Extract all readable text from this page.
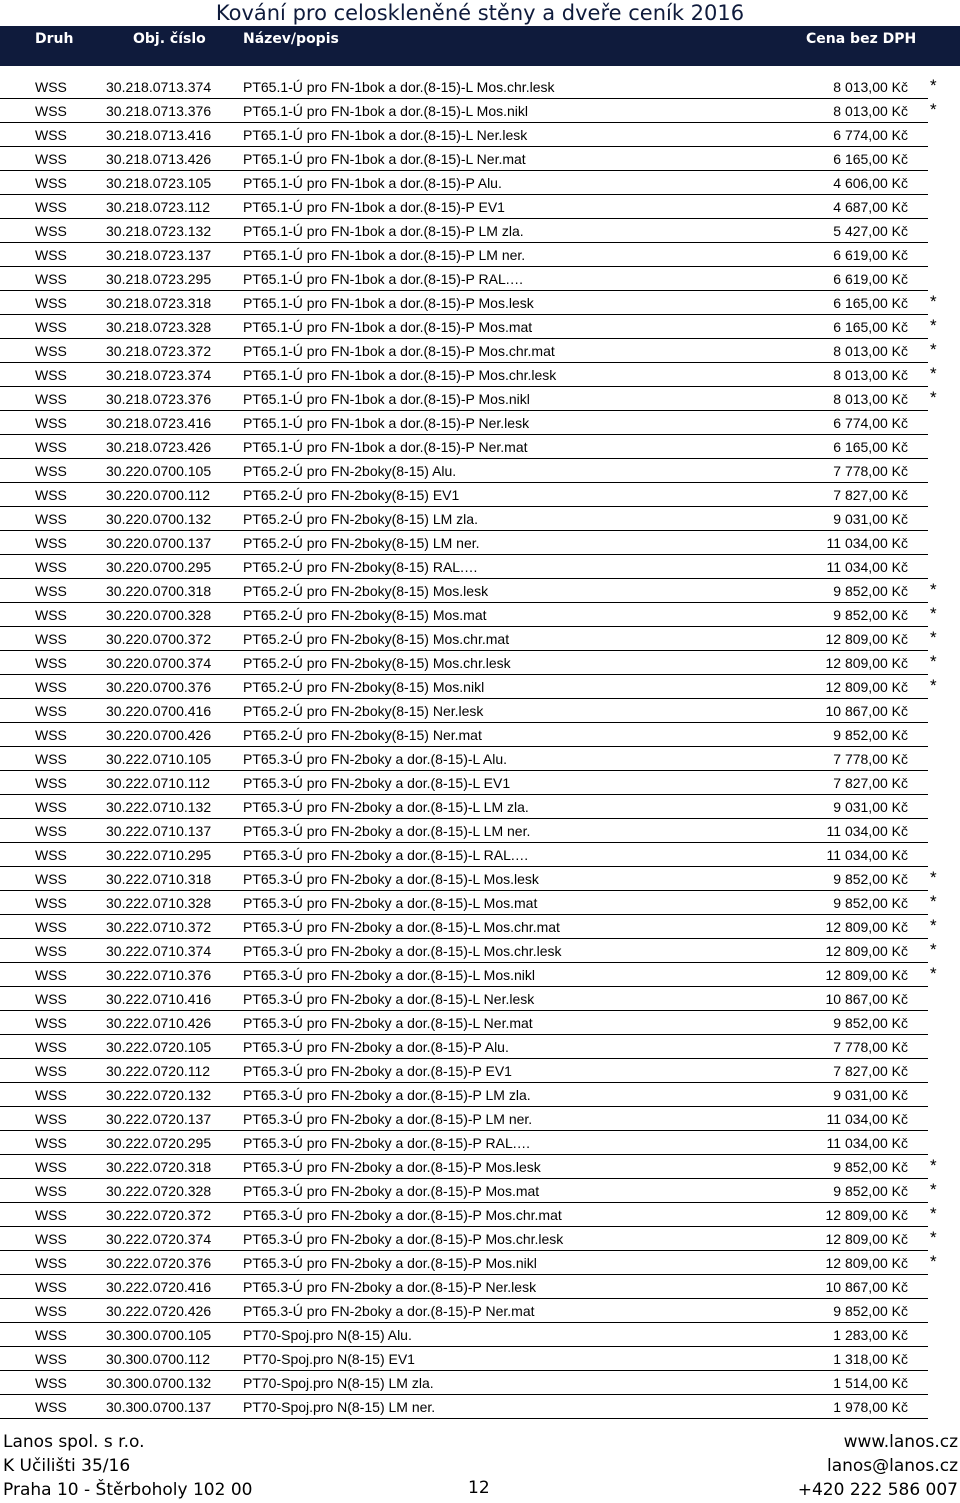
Kování pro celoskleněné stěny a dveře ceník 2016
Druh	Obj. číslo	Název/popis	Cena bez DPH
WSS	30.218.0713.374 PT65.1-Ú pro FN-1bok a dor.(8-15)-L Mos.chr.lesk	8 013,00 Kč *
WSS	30.218.0713.376 PT65.1-Ú pro FN-1bok a dor.(8-15)-L Mos.nikl	8 013,00 Kč *
WSS	30.218.0713.416 PT65.1-Ú pro FN-1bok a dor.(8-15)-L Ner.lesk	6 774,00 Kč
WSS	30.218.0713.426 PT65.1-Ú pro FN-1bok a dor.(8-15)-L Ner.mat	6 165,00 Kč
WSS	30.218.0723.105 PT65.1-Ú pro FN-1bok a dor.(8-15)-P Alu.	4 606,00 Kč
WSS	30.218.0723.112 PT65.1-Ú pro FN-1bok a dor.(8-15)-P EV1	4 687,00 Kč
WSS	30.218.0723.132 PT65.1-Ú pro FN-1bok a dor.(8-15)-P LM zla.	5 427,00 Kč
WSS	30.218.0723.137 PT65.1-Ú pro FN-1bok a dor.(8-15)-P LM ner.	6 619,00 Kč
WSS	30.218.0723.295 PT65.1-Ú pro FN-1bok a dor.(8-15)-P RAL.…	6 619,00 Kč
WSS	30.218.0723.318 PT65.1-Ú pro FN-1bok a dor.(8-15)-P Mos.lesk	6 165,00 Kč *
WSS	30.218.0723.328 PT65.1-Ú pro FN-1bok a dor.(8-15)-P Mos.mat	6 165,00 Kč *
WSS	30.218.0723.372 PT65.1-Ú pro FN-1bok a dor.(8-15)-P Mos.chr.mat	8 013,00 Kč *
WSS	30.218.0723.374 PT65.1-Ú pro FN-1bok a dor.(8-15)-P Mos.chr.lesk	8 013,00 Kč *
WSS	30.218.0723.376 PT65.1-Ú pro FN-1bok a dor.(8-15)-P Mos.nikl	8 013,00 Kč *
WSS	30.218.0723.416 PT65.1-Ú pro FN-1bok a dor.(8-15)-P Ner.lesk	6 774,00 Kč
WSS	30.218.0723.426 PT65.1-Ú pro FN-1bok a dor.(8-15)-P Ner.mat	6 165,00 Kč
WSS	30.220.0700.105 PT65.2-Ú pro FN-2boky(8-15) Alu.	7 778,00 Kč
WSS	30.220.0700.112 PT65.2-Ú pro FN-2boky(8-15) EV1	7 827,00 Kč
WSS	30.220.0700.132 PT65.2-Ú pro FN-2boky(8-15) LM zla.	9 031,00 Kč
WSS	30.220.0700.137 PT65.2-Ú pro FN-2boky(8-15) LM ner.	11 034,00 Kč
WSS	30.220.0700.295 PT65.2-Ú pro FN-2boky(8-15) RAL.…	11 034,00 Kč
WSS	30.220.0700.318 PT65.2-Ú pro FN-2boky(8-15) Mos.lesk	9 852,00 Kč *
WSS	30.220.0700.328 PT65.2-Ú pro FN-2boky(8-15) Mos.mat	9 852,00 Kč *
WSS	30.220.0700.372 PT65.2-Ú pro FN-2boky(8-15) Mos.chr.mat	12 809,00 Kč *
WSS	30.220.0700.374 PT65.2-Ú pro FN-2boky(8-15) Mos.chr.lesk	12 809,00 Kč *
WSS	30.220.0700.376 PT65.2-Ú pro FN-2boky(8-15) Mos.nikl	12 809,00 Kč *
WSS	30.220.0700.416 PT65.2-Ú pro FN-2boky(8-15) Ner.lesk	10 867,00 Kč
WSS	30.220.0700.426 PT65.2-Ú pro FN-2boky(8-15) Ner.mat	9 852,00 Kč
WSS	30.222.0710.105 PT65.3-Ú pro FN-2boky a dor.(8-15)-L Alu.	7 778,00 Kč
WSS	30.222.0710.112 PT65.3-Ú pro FN-2boky a dor.(8-15)-L EV1	7 827,00 Kč
WSS	30.222.0710.132 PT65.3-Ú pro FN-2boky a dor.(8-15)-L LM zla.	9 031,00 Kč
WSS	30.222.0710.137 PT65.3-Ú pro FN-2boky a dor.(8-15)-L LM ner.	11 034,00 Kč
WSS	30.222.0710.295 PT65.3-Ú pro FN-2boky a dor.(8-15)-L RAL.…	11 034,00 Kč
WSS	30.222.0710.318 PT65.3-Ú pro FN-2boky a dor.(8-15)-L Mos.lesk	9 852,00 Kč *
WSS	30.222.0710.328 PT65.3-Ú pro FN-2boky a dor.(8-15)-L Mos.mat	9 852,00 Kč *
WSS	30.222.0710.372 PT65.3-Ú pro FN-2boky a dor.(8-15)-L Mos.chr.mat	12 809,00 Kč *
WSS	30.222.0710.374 PT65.3-Ú pro FN-2boky a dor.(8-15)-L Mos.chr.lesk	12 809,00 Kč *
WSS	30.222.0710.376 PT65.3-Ú pro FN-2boky a dor.(8-15)-L Mos.nikl	12 809,00 Kč *
WSS	30.222.0710.416 PT65.3-Ú pro FN-2boky a dor.(8-15)-L Ner.lesk	10 867,00 Kč
WSS	30.222.0710.426 PT65.3-Ú pro FN-2boky a dor.(8-15)-L Ner.mat	9 852,00 Kč
WSS	30.222.0720.105 PT65.3-Ú pro FN-2boky a dor.(8-15)-P Alu.	7 778,00 Kč
WSS	30.222.0720.112 PT65.3-Ú pro FN-2boky a dor.(8-15)-P EV1	7 827,00 Kč
WSS	30.222.0720.132 PT65.3-Ú pro FN-2boky a dor.(8-15)-P LM zla.	9 031,00 Kč
WSS	30.222.0720.137 PT65.3-Ú pro FN-2boky a dor.(8-15)-P LM ner.	11 034,00 Kč
WSS	30.222.0720.295 PT65.3-Ú pro FN-2boky a dor.(8-15)-P RAL.…	11 034,00 Kč
WSS	30.222.0720.318 PT65.3-Ú pro FN-2boky a dor.(8-15)-P Mos.lesk	9 852,00 Kč *
WSS	30.222.0720.328 PT65.3-Ú pro FN-2boky a dor.(8-15)-P Mos.mat	9 852,00 Kč *
WSS	30.222.0720.372 PT65.3-Ú pro FN-2boky a dor.(8-15)-P Mos.chr.mat	12 809,00 Kč *
WSS	30.222.0720.374 PT65.3-Ú pro FN-2boky a dor.(8-15)-P Mos.chr.lesk	12 809,00 Kč *
WSS	30.222.0720.376 PT65.3-Ú pro FN-2boky a dor.(8-15)-P Mos.nikl	12 809,00 Kč *
WSS	30.222.0720.416 PT65.3-Ú pro FN-2boky a dor.(8-15)-P Ner.lesk	10 867,00 Kč
WSS	30.222.0720.426 PT65.3-Ú pro FN-2boky a dor.(8-15)-P Ner.mat	9 852,00 Kč
WSS	30.300.0700.105 PT70-Spoj.pro N(8-15) Alu.	1 283,00 Kč
WSS	30.300.0700.112 PT70-Spoj.pro N(8-15) EV1	1 318,00 Kč
WSS	30.300.0700.132 PT70-Spoj.pro N(8-15) LM zla.	1 514,00 Kč
WSS	30.300.0700.137 PT70-Spoj.pro N(8-15) LM ner.	1 978,00 Kč
Lanos spol. s r.o.
K Učilišti 35/16
Praha 10 - Štěrboholy 102 00	12
www.lanos.cz
lanos@lanos.cz
+420 222 586 007
